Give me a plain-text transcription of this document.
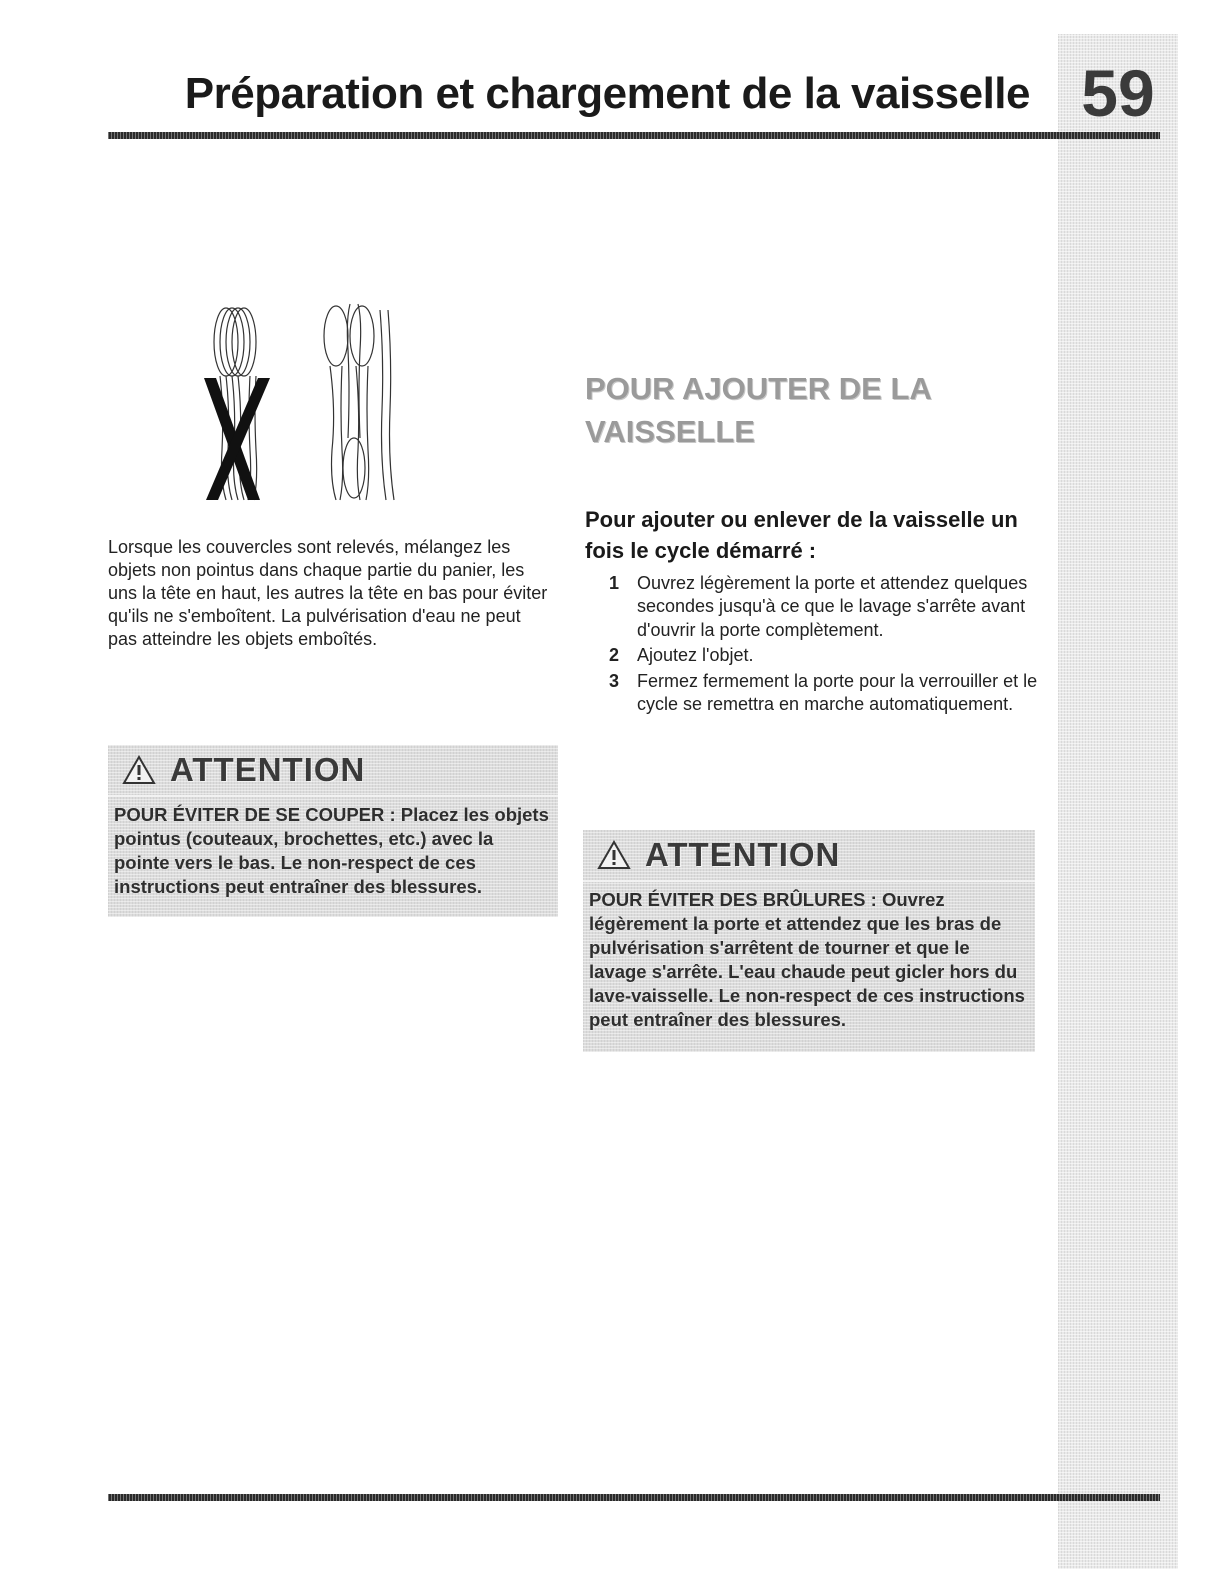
59
Préparation et chargement de la vaisselle

Lorsque les couvercles sont relevés, mélangez les objets non pointus dans chaque partie du panier, les uns la tête en haut, les autres la tête en bas pour éviter qu'ils ne s'emboîtent. La pulvérisation d'eau ne peut pas atteindre les objets emboîtés.

ATTENTION
POUR ÉVITER DE SE COUPER : Placez les objets pointus (couteaux, brochettes, etc.) avec la pointe vers le bas. Le non-respect de ces instructions peut entraîner des blessures.
POUR AJOUTER DE LA VAISSELLE
Pour ajouter ou enlever de la vaisselle un fois le cycle démarré :
1 Ouvrez légèrement la porte et attendez quelques secondes jusqu'à ce que le lavage s'arrête avant d'ouvrir la porte complètement.
2 Ajoutez l'objet.
3 Fermez fermement la porte pour la verrouiller et le cycle se remettra en marche automatiquement.
ATTENTION
POUR ÉVITER DES BRÛLURES : Ouvrez légèrement la porte et attendez que les bras de pulvérisation s'arrêtent de tourner et que le lavage s'arrête. L'eau chaude peut gicler hors du lave-vaisselle. Le non-respect de ces instructions peut entraîner des blessures.
